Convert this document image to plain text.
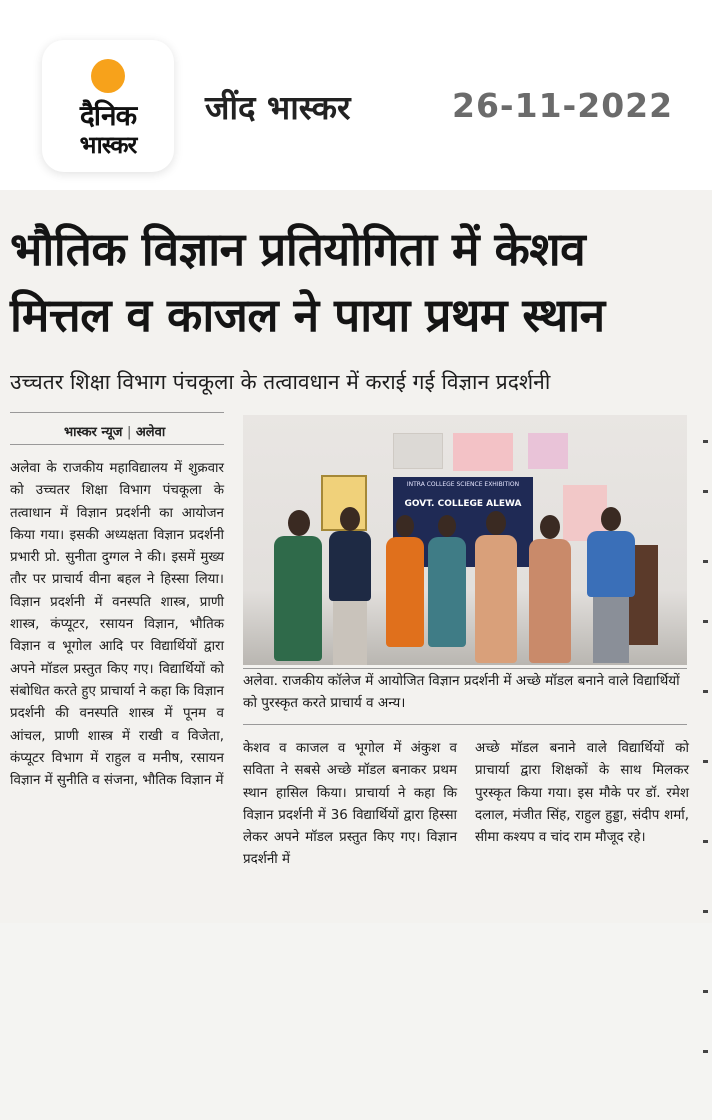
दैनिक
भास्कर
जींद भास्कर	26-11-2022
भौतिक विज्ञान प्रतियोगिता में केशव
मित्तल व काजल ने पाया प्रथम स्थान
उच्चतर शिक्षा विभाग पंचकूला के तत्वावधान में कराई गई विज्ञान प्रदर्शनी
भास्कर न्यूज | अलेवा
अलेवा के राजकीय महाविद्यालय में शुक्रवार को उच्चतर शिक्षा विभाग पंचकूला के तत्वाधान में विज्ञान प्रदर्शनी का आयोजन किया गया। इसकी अध्यक्षता विज्ञान प्रदर्शनी प्रभारी प्रो. सुनीता दुग्गल ने की। इसमें मुख्य तौर पर प्राचार्य वीना बहल ने हिस्सा लिया। विज्ञान प्रदर्शनी में वनस्पति शास्त्र, प्राणी शास्त्र, कंप्यूटर, रसायन विज्ञान, भौतिक विज्ञान व भूगोल आदि पर विद्यार्थियों द्वारा अपने मॉडल प्रस्तुत किए गए। विद्यार्थियों को संबोधित करते हुए प्राचार्या ने कहा कि विज्ञान प्रदर्शनी की वनस्पति शास्त्र में पूनम व आंचल, प्राणी शास्त्र में राखी व विजेता, कंप्यूटर विभाग में राहुल व मनीष, रसायन विज्ञान में सुनीति व संजना, भौतिक विज्ञान में
INTRA COLLEGE SCIENCE EXHIBITION
GOVT. COLLEGE ALEWA
अलेवा. राजकीय कॉलेज में आयोजित विज्ञान प्रदर्शनी में अच्छे मॉडल बनाने वाले विद्यार्थियों को पुरस्कृत करते प्राचार्य व अन्य।
केशव व काजल व भूगोल में अंकुश व सविता ने सबसे अच्छे मॉडल बनाकर प्रथम स्थान हासिल किया। प्राचार्या ने कहा कि विज्ञान प्रदर्शनी में 36 विद्यार्थियों द्वारा हिस्सा लेकर अपने मॉडल प्रस्तुत किए गए। विज्ञान प्रदर्शनी में
अच्छे मॉडल बनाने वाले विद्यार्थियों को प्राचार्या द्वारा शिक्षकों के साथ मिलकर पुरस्कृत किया गया। इस मौके पर डॉ. रमेश दलाल, मंजीत सिंह, राहुल हुड्डा, संदीप शर्मा, सीमा कश्यप व चांद राम मौजूद रहे।
